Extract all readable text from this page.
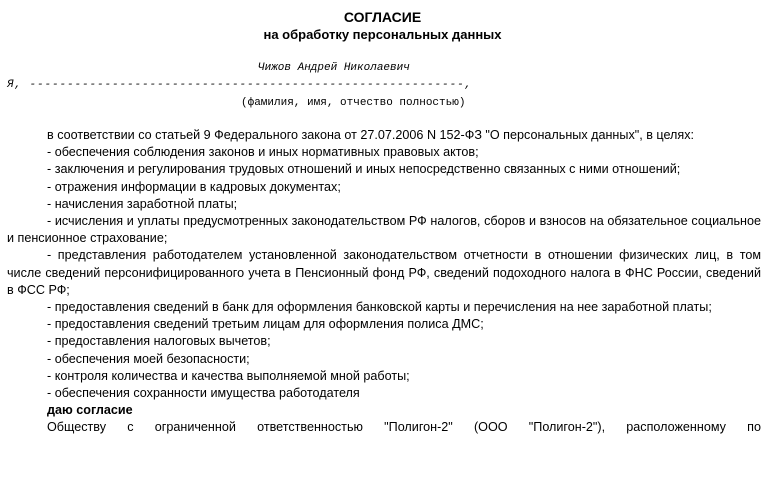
СОГЛАСИЕ
на обработку персональных данных
Чижов Андрей Николаевич
Я, ----------------------------------------------------------,
(фамилия, имя, отчество полностью)

в соответствии со статьей 9 Федерального закона от 27.07.2006 N 152-ФЗ "О персональных данных", в целях:

- обеспечения соблюдения законов и иных нормативных правовых актов;

- заключения и регулирования трудовых отношений и иных непосредственно связанных с ними отношений;

- отражения информации в кадровых документах;

- начисления заработной платы;

- исчисления и уплаты предусмотренных законодательством РФ налогов, сборов и взносов на обязательное социальное и пенсионное страхование;

- представления работодателем установленной законодательством отчетности в отношении физических лиц, в том числе сведений персонифицированного учета в Пенсионный фонд РФ, сведений подоходного налога в ФНС России, сведений в ФСС РФ;

- предоставления сведений в банк для оформления банковской карты и перечисления на нее заработной платы;

- предоставления сведений третьим лицам для оформления полиса ДМС;

- предоставления налоговых вычетов;

- обеспечения моей безопасности;

- контроля количества и качества выполняемой мной работы;

- обеспечения сохранности имущества работодателя

даю согласие

Обществу с ограниченной ответственностью "Полигон-2" (ООО "Полигон-2"), расположенному по
